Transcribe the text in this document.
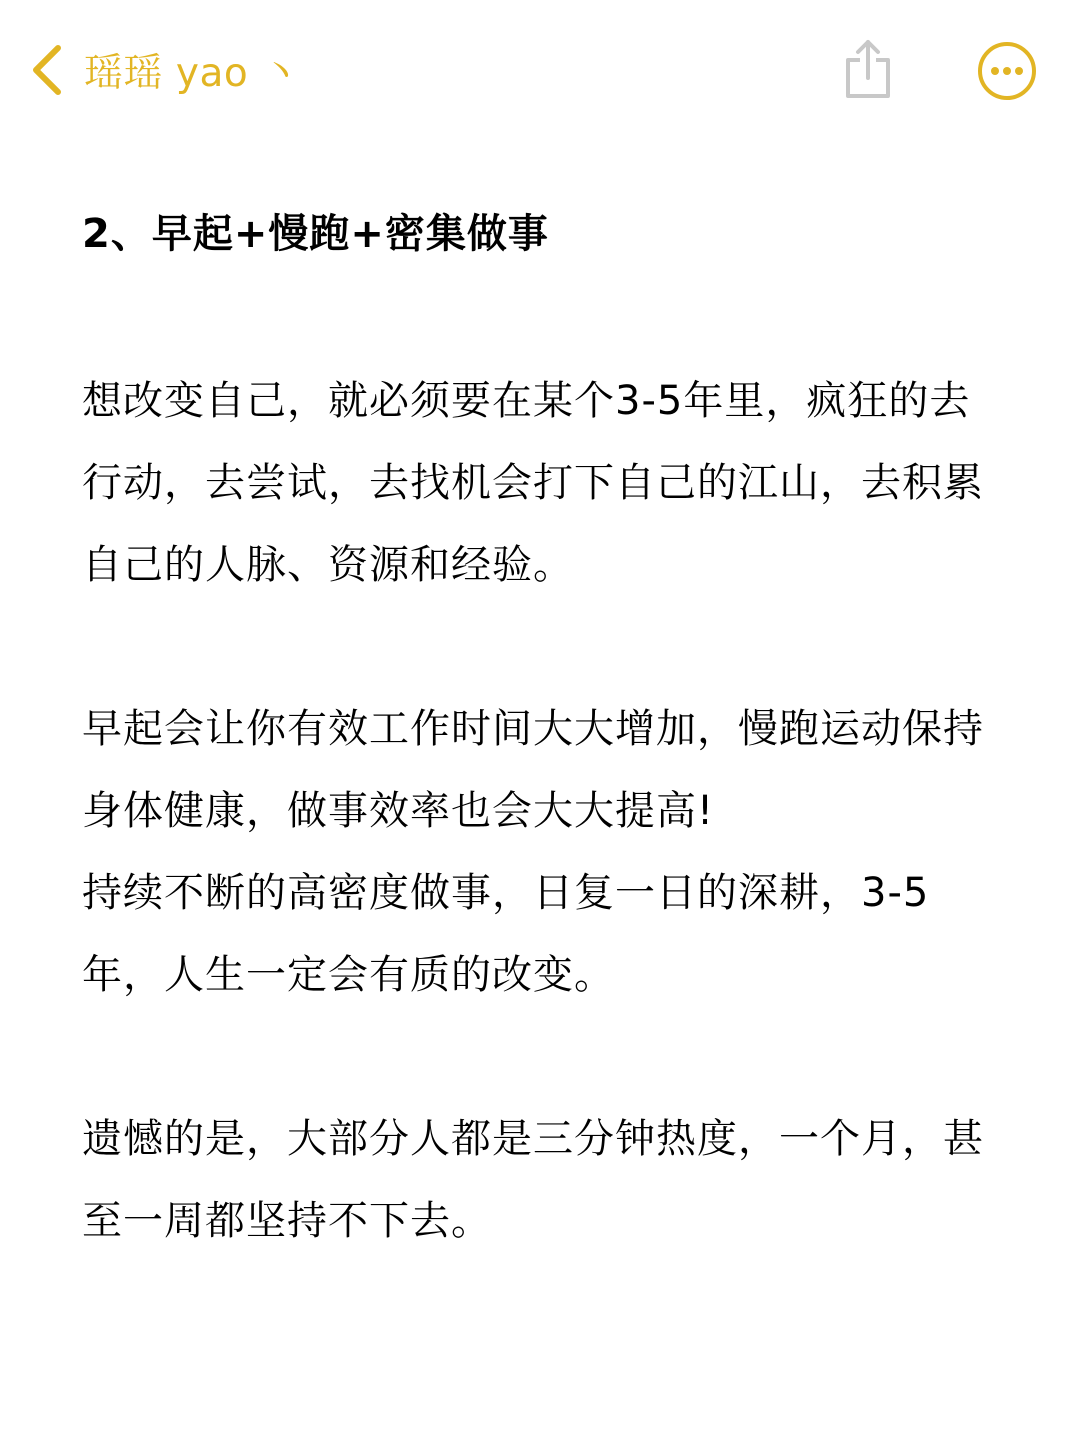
瑶瑶 yao 丶

2、早起+慢跑+密集做事

想改变自己，就必须要在某个3-5年里，疯狂的去行动，去尝试，去找机会打下自己的江山，去积累自己的人脉、资源和经验。

早起会让你有效工作时间大大增加，慢跑运动保持身体健康，做事效率也会大大提高!

持续不断的高密度做事，日复一日的深耕，3-5年，人生一定会有质的改变。

遗憾的是，大部分人都是三分钟热度，一个月，甚至一周都坚持不下去。
